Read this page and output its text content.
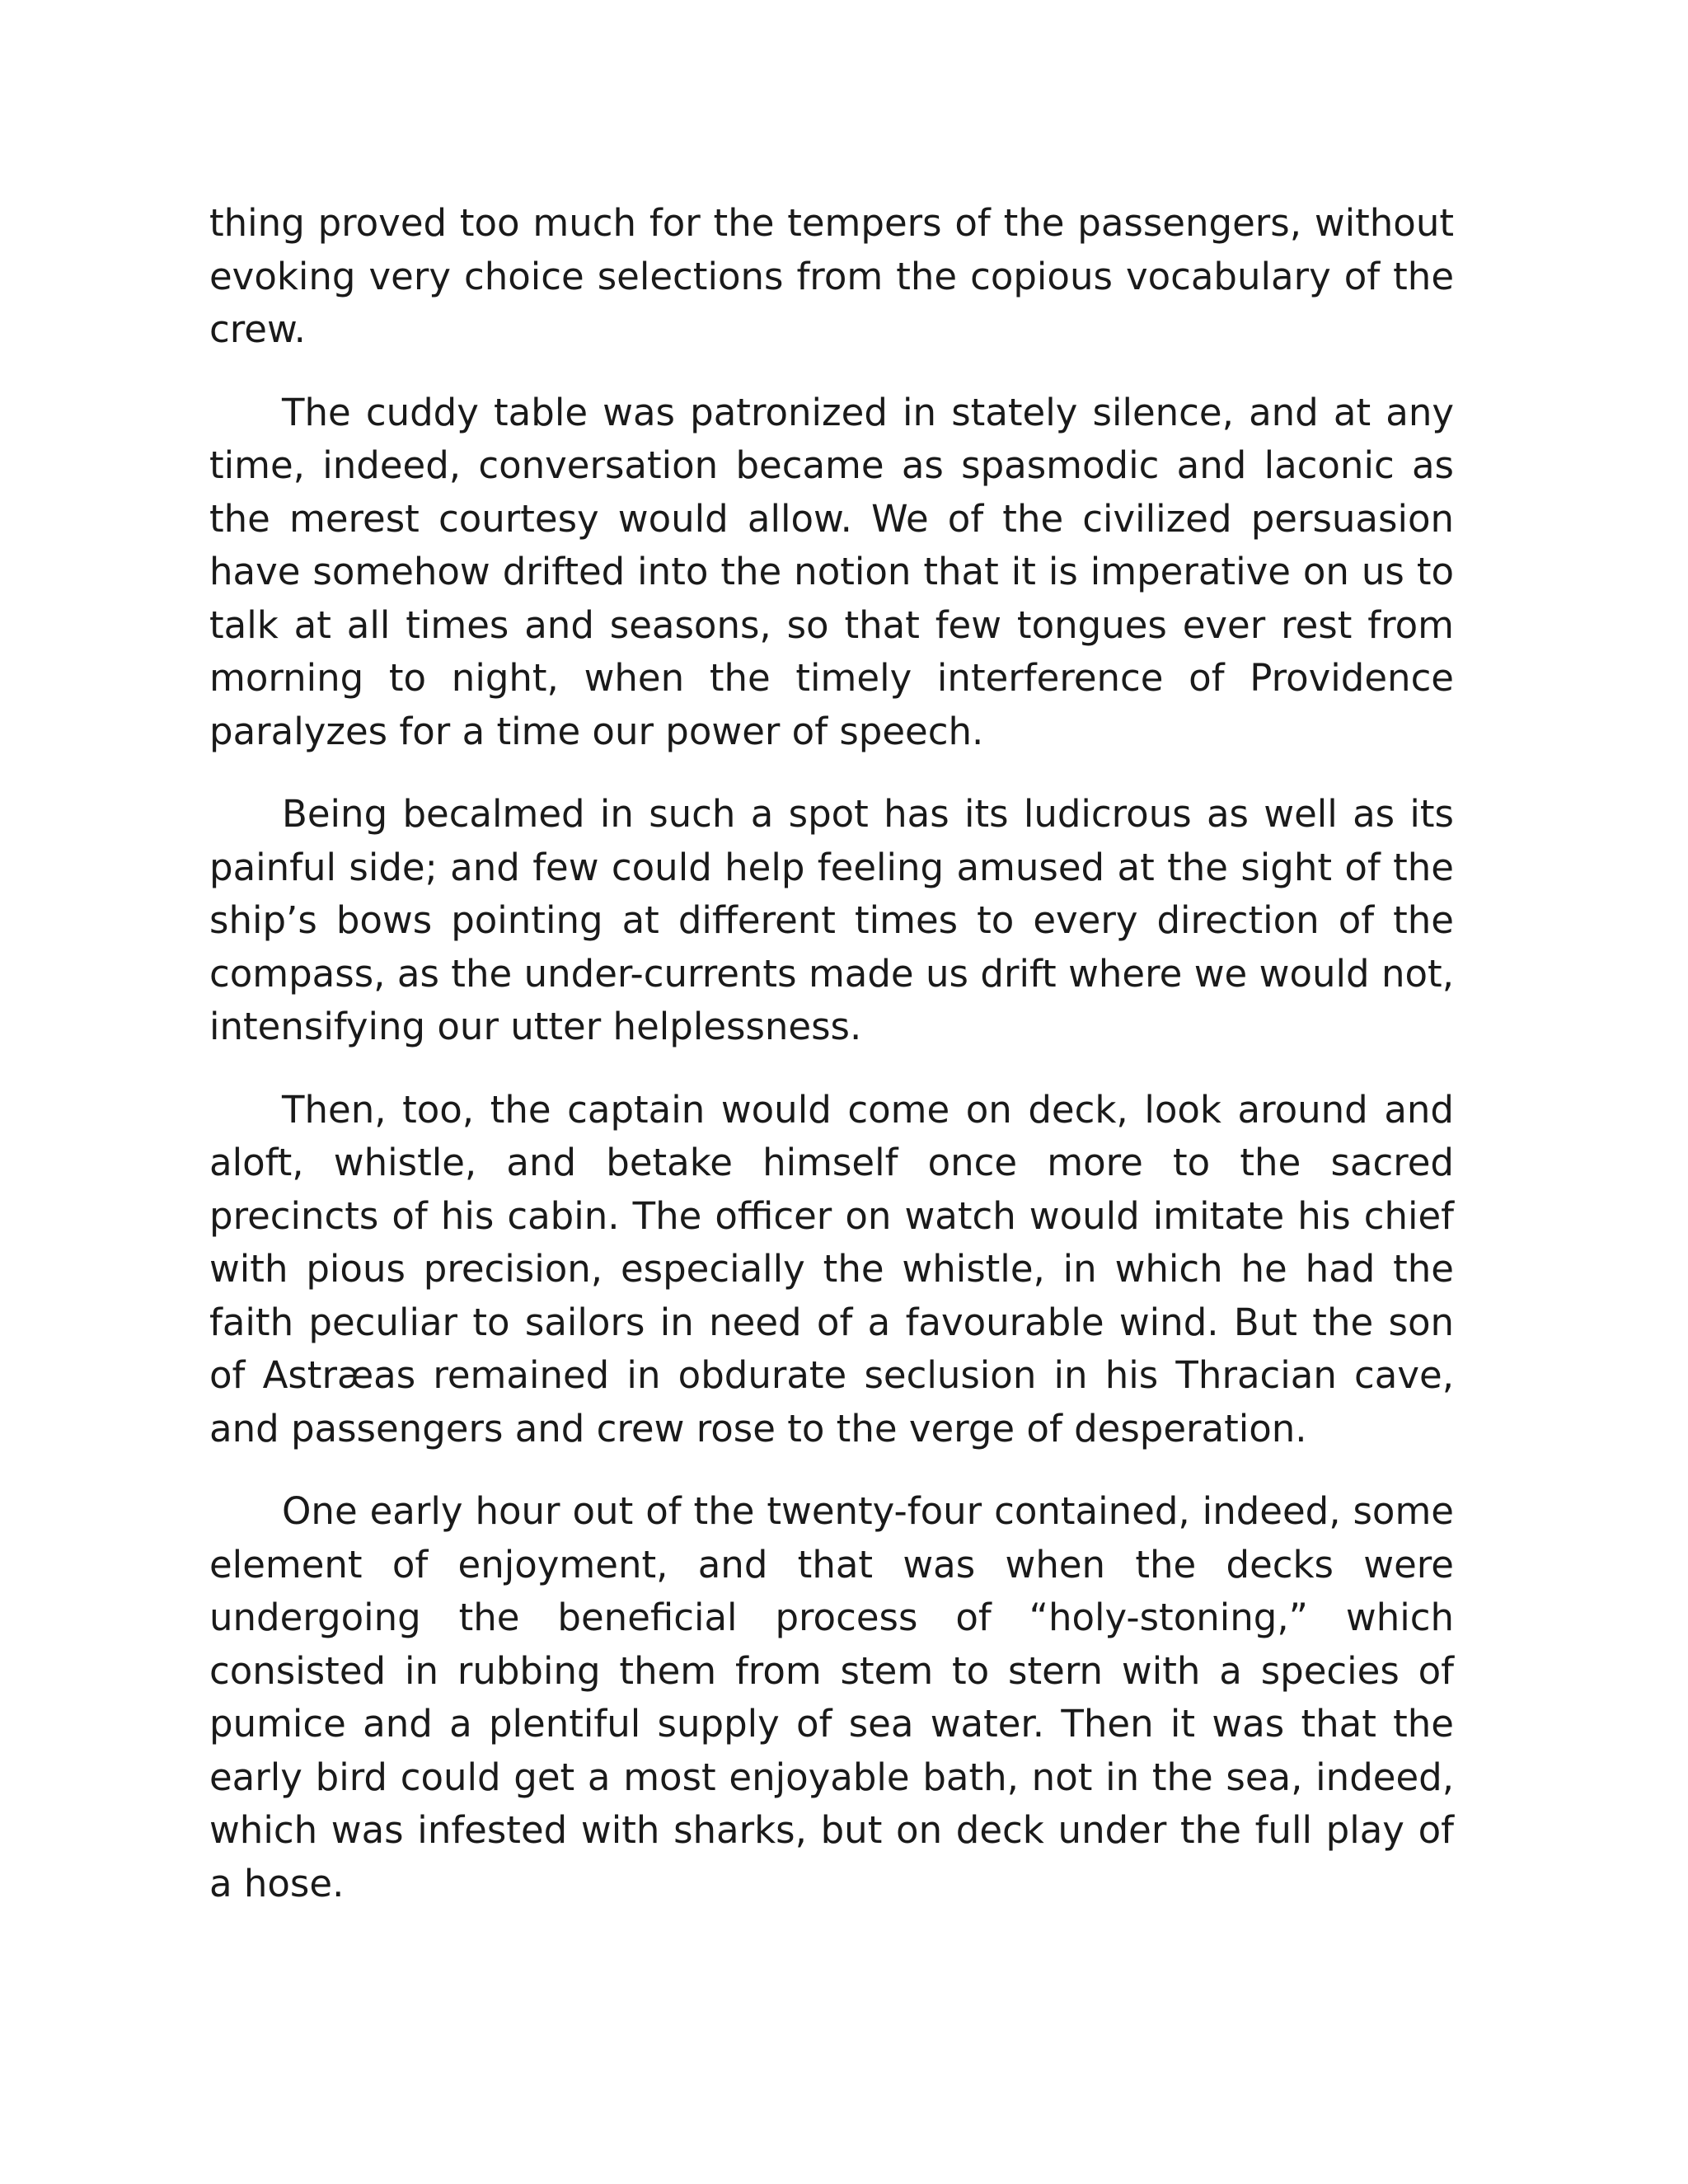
thing proved too much for the tempers of the passengers, without evoking very choice selections from the copious vocabulary of the crew.

The cuddy table was patronized in stately silence, and at any time, indeed, conversation became as spasmodic and laconic as the merest courtesy would allow. We of the civilized persuasion have somehow drifted into the notion that it is imperative on us to talk at all times and seasons, so that few tongues ever rest from morning to night, when the timely interference of Providence paralyzes for a time our power of speech.

Being becalmed in such a spot has its ludicrous as well as its painful side; and few could help feeling amused at the sight of the ship’s bows pointing at different times to every direction of the compass, as the under-currents made us drift where we would not, intensifying our utter helplessness.

Then, too, the captain would come on deck, look around and aloft, whistle, and betake himself once more to the sacred precincts of his cabin. The officer on watch would imitate his chief with pious precision, especially the whistle, in which he had the faith peculiar to sailors in need of a favourable wind. But the son of Astræas remained in obdurate seclusion in his Thracian cave, and passengers and crew rose to the verge of desperation.

One early hour out of the twenty-four contained, indeed, some element of enjoyment, and that was when the decks were undergoing the beneficial process of “holy-stoning,” which consisted in rubbing them from stem to stern with a species of pumice and a plentiful supply of sea water. Then it was that the early bird could get a most enjoyable bath, not in the sea, indeed, which was infested with sharks, but on deck under the full play of a hose.
